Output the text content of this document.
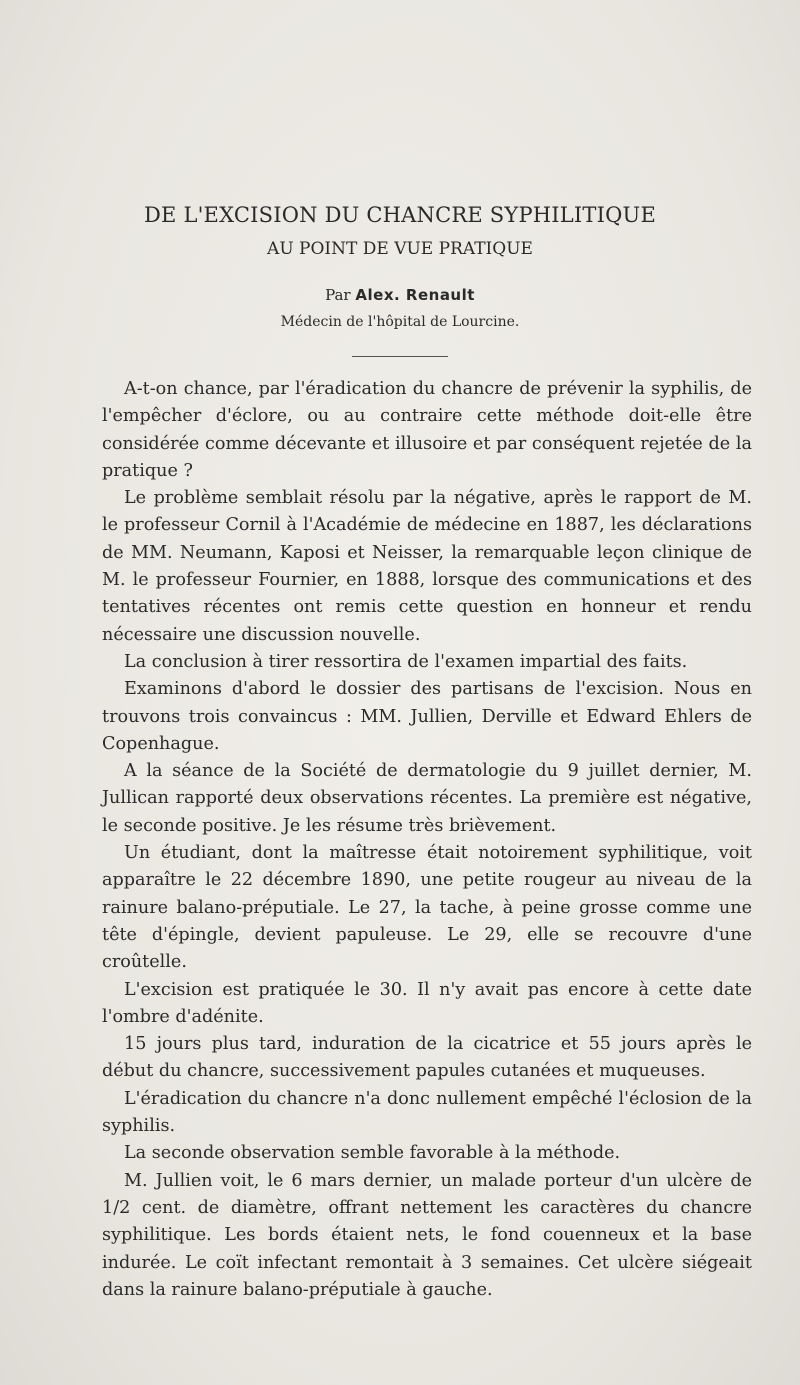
DE L'EXCISION DU CHANCRE SYPHILITIQUE
AU POINT DE VUE PRATIQUE
Par Alex. Renault
Médecin de l'hôpital de Lourcine.

A-t-on chance, par l'éradication du chancre de prévenir la syphilis, de l'empêcher d'éclore, ou au contraire cette méthode doit-elle être considérée comme décevante et illusoire et par conséquent rejetée de la pratique ?

Le problème semblait résolu par la négative, après le rapport de M. le professeur Cornil à l'Académie de médecine en 1887, les déclarations de MM. Neumann, Kaposi et Neisser, la remarquable leçon clinique de M. le professeur Fournier, en 1888, lorsque des communications et des tentatives récentes ont remis cette question en honneur et rendu nécessaire une discussion nouvelle.

La conclusion à tirer ressortira de l'examen impartial des faits.

Examinons d'abord le dossier des partisans de l'excision. Nous en trouvons trois convaincus : MM. Jullien, Derville et Edward Ehlers de Copenhague.

A la séance de la Société de dermatologie du 9 juillet dernier, M. Jullican rapporté deux observations récentes. La première est négative, le seconde positive. Je les résume très brièvement.

Un étudiant, dont la maîtresse était notoirement syphilitique, voit apparaître le 22 décembre 1890, une petite rougeur au niveau de la rainure balano-préputiale. Le 27, la tache, à peine grosse comme une tête d'épingle, devient papuleuse. Le 29, elle se recouvre d'une croûtelle.

L'excision est pratiquée le 30. Il n'y avait pas encore à cette date l'ombre d'adénite.

15 jours plus tard, induration de la cicatrice et 55 jours après le début du chancre, successivement papules cutanées et muqueuses.

L'éradication du chancre n'a donc nullement empêché l'éclosion de la syphilis.

La seconde observation semble favorable à la méthode.

M. Jullien voit, le 6 mars dernier, un malade porteur d'un ulcère de 1/2 cent. de diamètre, offrant nettement les caractères du chancre syphilitique. Les bords étaient nets, le fond couenneux et la base indurée. Le coït infectant remontait à 3 semaines. Cet ulcère siégeait dans la rainure balano-préputiale à gauche.
